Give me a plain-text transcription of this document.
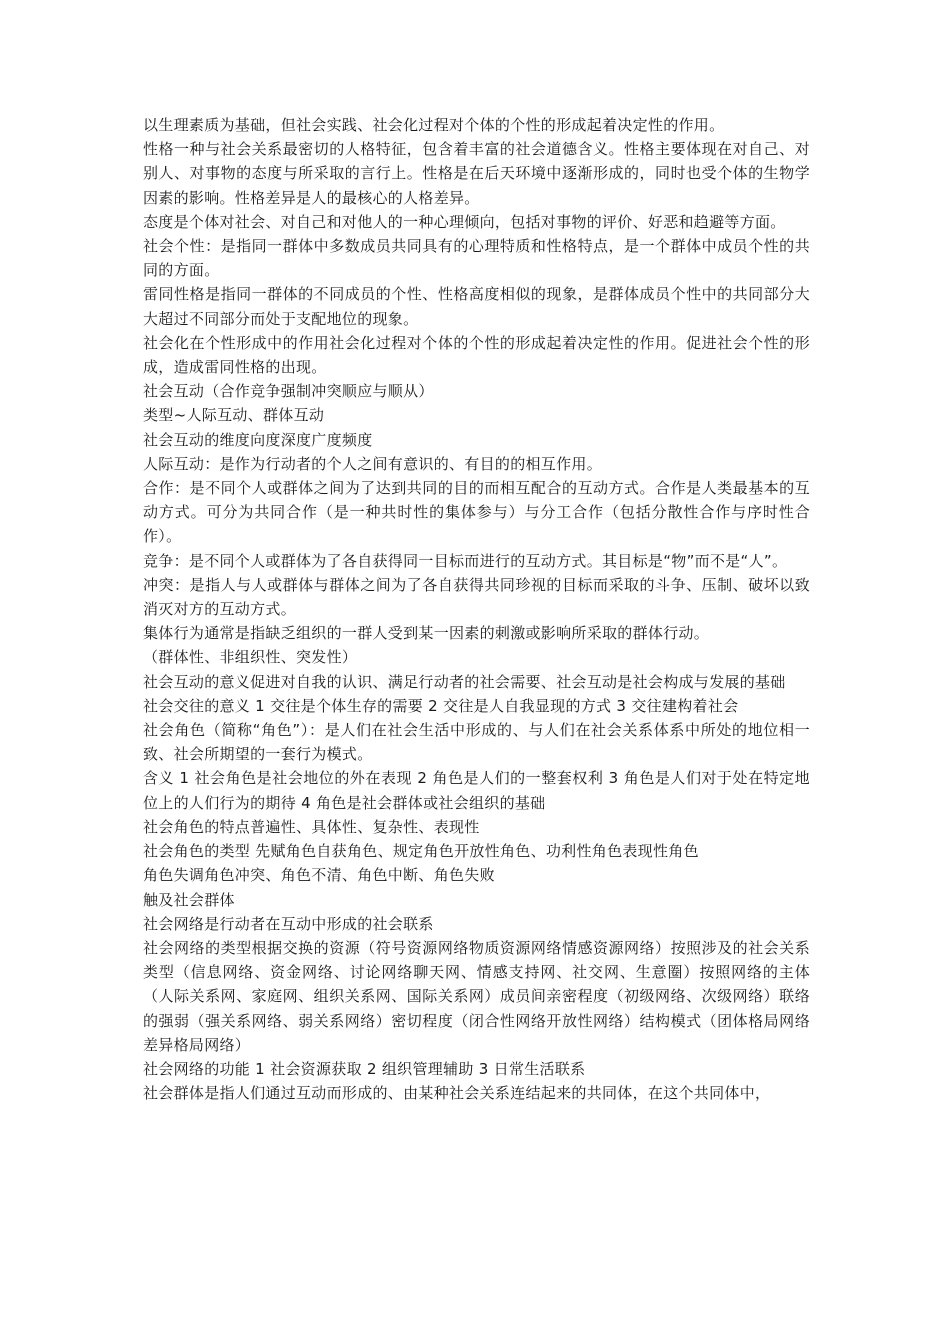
以生理素质为基础，但社会实践、社会化过程对个体的个性的形成起着决定性的作用。

性格一种与社会关系最密切的人格特征，包含着丰富的社会道德含义。性格主要体现在对自己、对别人、对事物的态度与所采取的言行上。性格是在后天环境中逐渐形成的，同时也受个体的生物学因素的影响。性格差异是人的最核心的人格差异。

态度是个体对社会、对自己和对他人的一种心理倾向，包括对事物的评价、好恶和趋避等方面。

社会个性：是指同一群体中多数成员共同具有的心理特质和性格特点，是一个群体中成员个性的共同的方面。

雷同性格是指同一群体的不同成员的个性、性格高度相似的现象，是群体成员个性中的共同部分大大超过不同部分而处于支配地位的现象。

社会化在个性形成中的作用社会化过程对个体的个性的形成起着决定性的作用。促进社会个性的形成，造成雷同性格的出现。

社会互动（合作竞争强制冲突顺应与顺从）

类型~人际互动、群体互动

社会互动的维度向度深度广度频度

人际互动：是作为行动者的个人之间有意识的、有目的的相互作用。

合作：是不同个人或群体之间为了达到共同的目的而相互配合的互动方式。合作是人类最基本的互动方式。可分为共同合作（是一种共时性的集体参与）与分工合作（包括分散性合作与序时性合作）。

竞争：是不同个人或群体为了各自获得同一目标而进行的互动方式。其目标是“物”而不是“人”。

冲突：是指人与人或群体与群体之间为了各自获得共同珍视的目标而采取的斗争、压制、破坏以致消灭对方的互动方式。

集体行为通常是指缺乏组织的一群人受到某一因素的刺激或影响所采取的群体行动。

（群体性、非组织性、突发性）

社会互动的意义促进对自我的认识、满足行动者的社会需要、社会互动是社会构成与发展的基础

社会交往的意义 1 交往是个体生存的需要 2 交往是人自我显现的方式 3 交往建构着社会

社会角色（简称“角色”）：是人们在社会生活中形成的、与人们在社会关系体系中所处的地位相一致、社会所期望的一套行为模式。

含义 1 社会角色是社会地位的外在表现 2 角色是人们的一整套权利 3 角色是人们对于处在特定地位上的人们行为的期待 4 角色是社会群体或社会组织的基础

社会角色的特点普遍性、具体性、复杂性、表现性

社会角色的类型 先赋角色自获角色、规定角色开放性角色、功利性角色表现性角色

角色失调角色冲突、角色不清、角色中断、角色失败

触及社会群体

社会网络是行动者在互动中形成的社会联系

社会网络的类型根据交换的资源（符号资源网络物质资源网络情感资源网络）按照涉及的社会关系类型（信息网络、资金网络、讨论网络聊天网、情感支持网、社交网、生意圈）按照网络的主体（人际关系网、家庭网、组织关系网、国际关系网）成员间亲密程度（初级网络、次级网络）联络的强弱（强关系网络、弱关系网络）密切程度（闭合性网络开放性网络）结构模式（团体格局网络差异格局网络）

社会网络的功能 1 社会资源获取 2 组织管理辅助 3 日常生活联系

社会群体是指人们通过互动而形成的、由某种社会关系连结起来的共同体，在这个共同体中，
